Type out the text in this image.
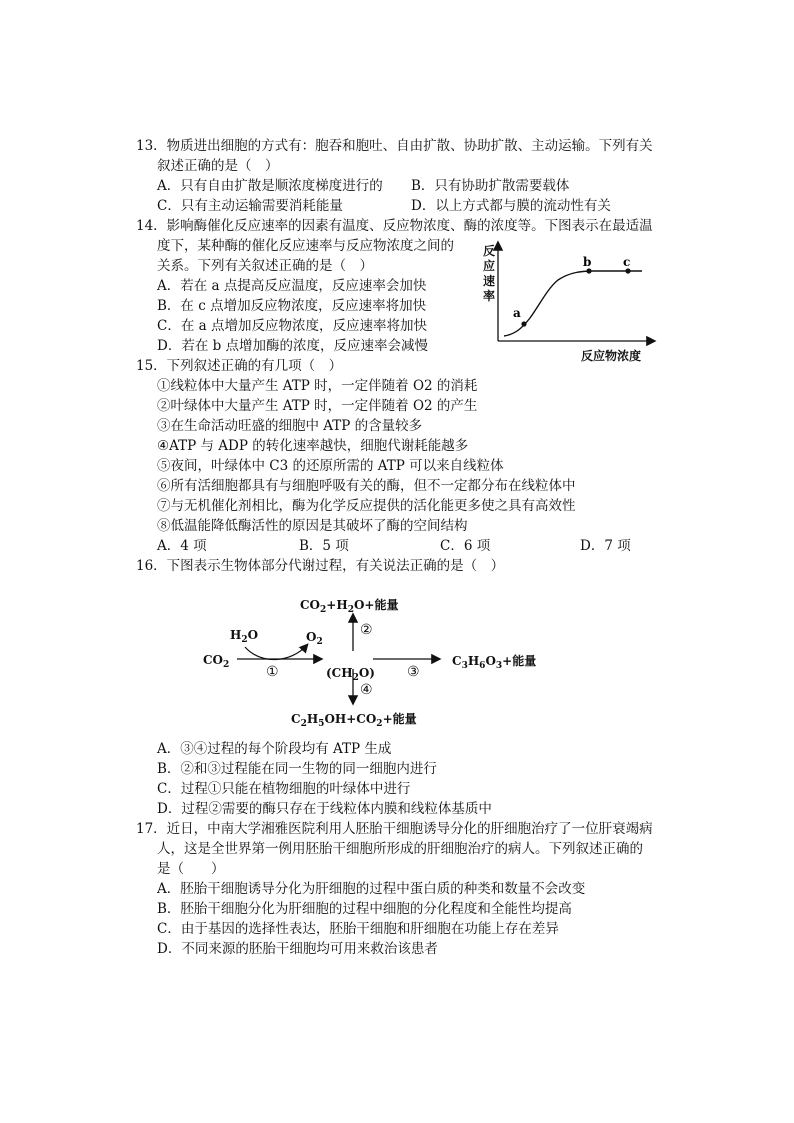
13．物质进出细胞的方式有：胞吞和胞吐、自由扩散、协助扩散、主动运输。下列有关
叙述正确的是（　）
A．只有自由扩散是顺浓度梯度进行的 B．只有协助扩散需要载体
C．只有主动运输需要消耗能量	D．以上方式都与膜的流动性有关
14．影响酶催化反应速率的因素有温度、反应物浓度、酶的浓度等。下图表示在最适温
度下，某种酶的催化反应速率与反应物浓度之间的
关系。下列有关叙述正确的是（　）
A．若在 a 点提高反应温度，反应速率会加快
B．在 c 点增加反应物浓度，反应速率将加快
C．在 a 点增加反应物浓度，反应速率将加快
D．若在 b 点增加酶的浓度，反应速率会减慢
a
b	c
反应速率
反应物浓度
15．下列叙述正确的有几项（　）
①线粒体中大量产生 ATP 时，一定伴随着 O2 的消耗
②叶绿体中大量产生 ATP 时，一定伴随着 O2 的产生
③在生命活动旺盛的细胞中 ATP 的含量较多
④ATP 与 ADP 的转化速率越快，细胞代谢耗能越多
⑤夜间，叶绿体中 C3 的还原所需的 ATP 可以来自线粒体
⑥所有活细胞都具有与细胞呼吸有关的酶，但不一定都分布在线粒体中
⑦与无机催化剂相比，酶为化学反应提供的活化能更多使之具有高效性
⑧低温能降低酶活性的原因是其破坏了酶的空间结构
A．4 项	B．5 项	C．6 项	D．7 项
16．下图表示生物体部分代谢过程，有关说法正确的是（　）
$CO_2+H_2O+$能量
$H_2O$	$O_2$
$CO_2$
$(CH_2O)$
$C_3H_6O_3+$能量
$C_2H_5OH+CO_2+$能量
①
②
③
④
A．③④过程的每个阶段均有 ATP 生成
B．②和③过程能在同一生物的同一细胞内进行
C．过程①只能在植物细胞的叶绿体中进行
D．过程②需要的酶只存在于线粒体内膜和线粒体基质中
17．近日，中南大学湘雅医院利用人胚胎干细胞诱导分化的肝细胞治疗了一位肝衰竭病
人，这是全世界第一例用胚胎干细胞所形成的肝细胞治疗的病人。下列叙述正确的
是（　　）
A．胚胎干细胞诱导分化为肝细胞的过程中蛋白质的种类和数量不会改变
B．胚胎干细胞分化为肝细胞的过程中细胞的分化程度和全能性均提高
C．由于基因的选择性表达，胚胎干细胞和肝细胞在功能上存在差异
D．不同来源的胚胎干细胞均可用来救治该患者
